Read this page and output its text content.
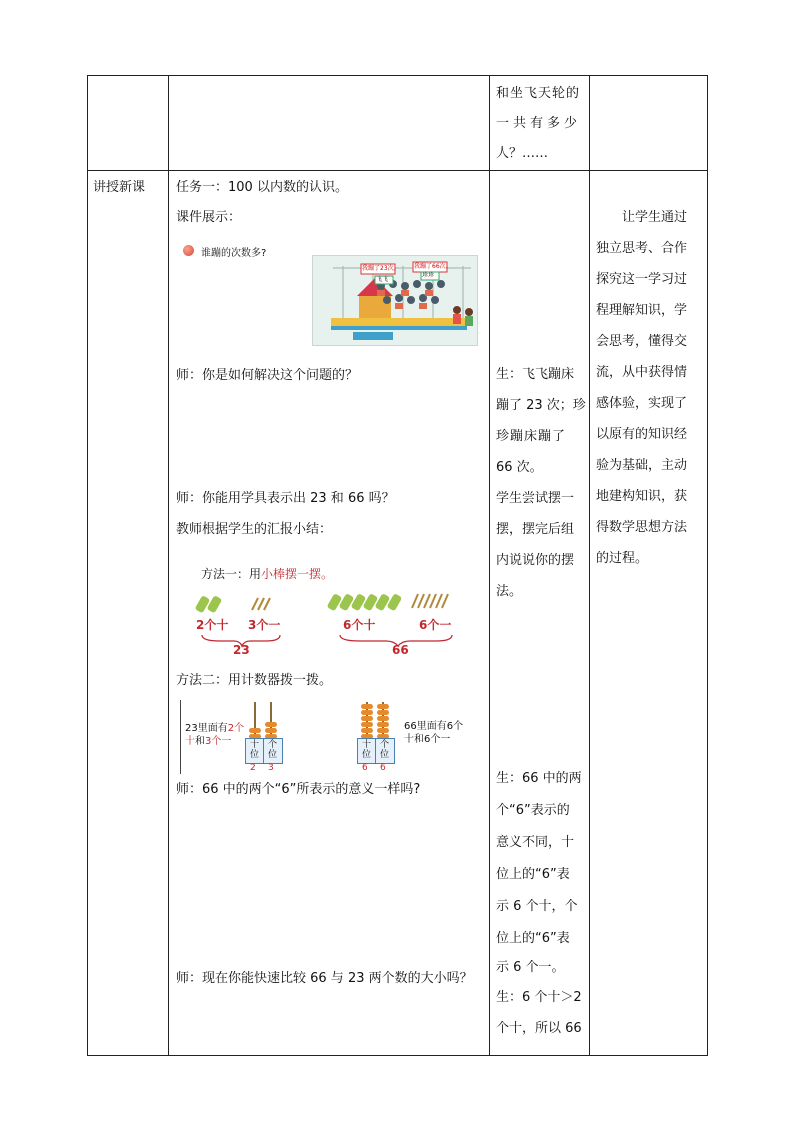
和坐飞天轮的
一共有多少
人？……
讲授新课 任务一：100 以内数的认识。
课件展示：
谁蹦的次数多?
我蹦了23次。 我蹦了66次。
飞飞
珍珍
师：你是如何解决这个问题的？
师：你能用学具表示出 23 和 66 吗？
教师根据学生的汇报小结：
方法一：用小棒摆一摆。
2个十 3个一
23
6个十	6个一
66
方法二：用计数器拨一拨。
23里面有2个
十和3个一 十位
个位
2 3
十位
个位
6 6
66里面有6个
十和6个一
师：66 中的两个“6”所表示的意义一样吗?
师：现在你能快速比较 66 与 23 两个数的大小吗？
生：飞飞蹦床
蹦了 23 次；珍
珍蹦床蹦了
66 次。
学生尝试摆一
摆，摆完后组
内说说你的摆
法。
生：66 中的两
个“6”表示的
意义不同，十
位上的“6”表
示 6 个十，个
位上的“6”表
示 6 个一。
生：6 个十＞2
个十，所以 66
让学生通过
独立思考、合作
探究这一学习过
程理解知识，学
会思考，懂得交
流，从中获得情
感体验，实现了
以原有的知识经
验为基础，主动
地建构知识，获
得数学思想方法
的过程。
